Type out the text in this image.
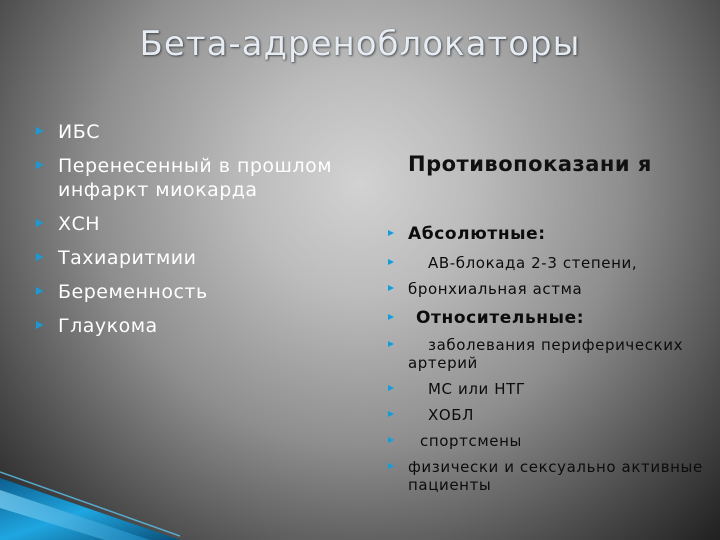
Бета-адреноблокаторы
ИБС
Перенесенный в прошлом инфаркт миокарда
ХСН
Тахиаритмии
Беременность
Глаукома
Противопоказани я
Абсолютные:
АВ-блокада 2-3 степени,
бронхиальная астма
Относительные:
заболевания периферических артерий
МС или НТГ
ХОБЛ
спортсмены
физически и сексуально активные пациенты
